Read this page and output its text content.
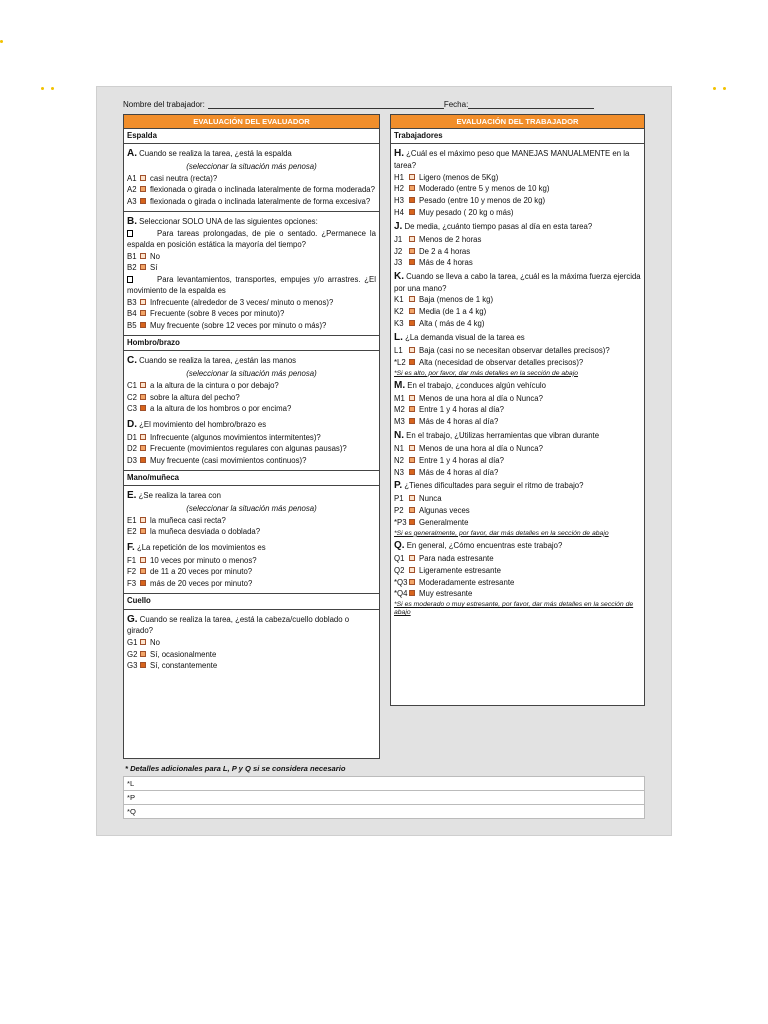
Nombre del trabajador:	Fecha:
EVALUACIÓN DEL EVALUADOR
Espalda
A. Cuando se realiza la tarea, ¿está la espalda
(seleccionar la situación más penosa)
A1	casi neutra (recta)?
A2	flexionada o girada o inclinada lateralmente de forma moderada?
A3	flexionada o girada o inclinada lateralmente de forma excesiva?
B. Seleccionar SOLO UNA de las siguientes opciones:
Para tareas prolongadas, de pie o sentado. ¿Permanece la espalda en posición estática la mayoría del tiempo?
B1	No
B2	Sí
Para levantamientos, transportes, empujes y/o arrastres. ¿El movimiento de la espalda es
B3	Infrecuente (alrededor de 3 veces/ minuto o menos)?
B4	Frecuente (sobre 8 veces por minuto)?
B5	Muy frecuente (sobre 12 veces por minuto o más)?
Hombro/brazo
C. Cuando se realiza la tarea, ¿están las manos
(seleccionar la situación más penosa)
C1	a la altura de la cintura o por debajo?
C2	sobre la altura del pecho?
C3	a la altura de los hombros o por encima?
D. ¿El movimiento del hombro/brazo es
D1	Infrecuente (algunos movimientos intermitentes)?
D2	Frecuente (movimientos regulares con algunas pausas)?
D3	Muy frecuente (casi movimientos continuos)?
Mano/muñeca
E. ¿Se realiza la tarea con
(seleccionar la situación más penosa)
E1	la muñeca casi recta?
E2	la muñeca desviada o doblada?
F. ¿La repetición de los movimientos es
F1	10 veces por minuto o menos?
F2	de 11 a 20 veces por minuto?
F3	más de 20 veces por minuto?
Cuello
G. Cuando se realiza la tarea, ¿está la cabeza/cuello doblado o girado?
G1	No
G2	Sí, ocasionalmente
G3	Sí, constantemente
EVALUACIÓN DEL TRABAJADOR
Trabajadores
H. ¿Cuál es el máximo peso que MANEJAS MANUALMENTE en la tarea?
H1	Ligero (menos de 5Kg)
H2	Moderado (entre 5 y menos de 10 kg)
H3	Pesado (entre 10 y menos de 20 kg)
H4	Muy pesado ( 20 kg o más)
J. De media, ¿cuánto tiempo pasas al día en esta tarea?
J1	Menos de 2 horas
J2	De 2 a 4 horas
J3	Más de 4 horas
K. Cuando se lleva a cabo la tarea, ¿cuál es la máxima fuerza ejercida por una mano?
K1	Baja (menos de 1 kg)
K2	Media (de 1 a 4 kg)
K3	Alta ( más de 4 kg)
L. ¿La demanda visual de la tarea es
L1	Baja (casi no se necesitan observar detalles precisos)?
*L2	Alta (necesidad de observar detalles precisos)?
*Si es alto, por favor, dar más detalles en la sección de abajo
M. En el trabajo, ¿conduces algún vehículo
M1	Menos de una hora al día o Nunca?
M2	Entre 1 y 4 horas al día?
M3	Más de 4 horas al día?
N. En el trabajo, ¿Utilizas herramientas que vibran durante
N1	Menos de una hora al día o Nunca?
N2	Entre 1 y 4 horas al día?
N3	Más de 4 horas al día?
P. ¿Tienes dificultades para seguir el ritmo de trabajo?
P1	Nunca
P2	Algunas veces
*P3	Generalmente
*Si es generalmente, por favor, dar más detalles en la sección de abajo
Q. En general, ¿Cómo encuentras este trabajo?
Q1	Para nada estresante
Q2	Ligeramente estresante
*Q3 Moderadamente estresante
*Q4 Muy estresante
*Si es moderado o muy estresante, por favor, dar más detalles en la sección de abajo
* Detalles adicionales para L, P y Q si se considera necesario
*L
*P
*Q
